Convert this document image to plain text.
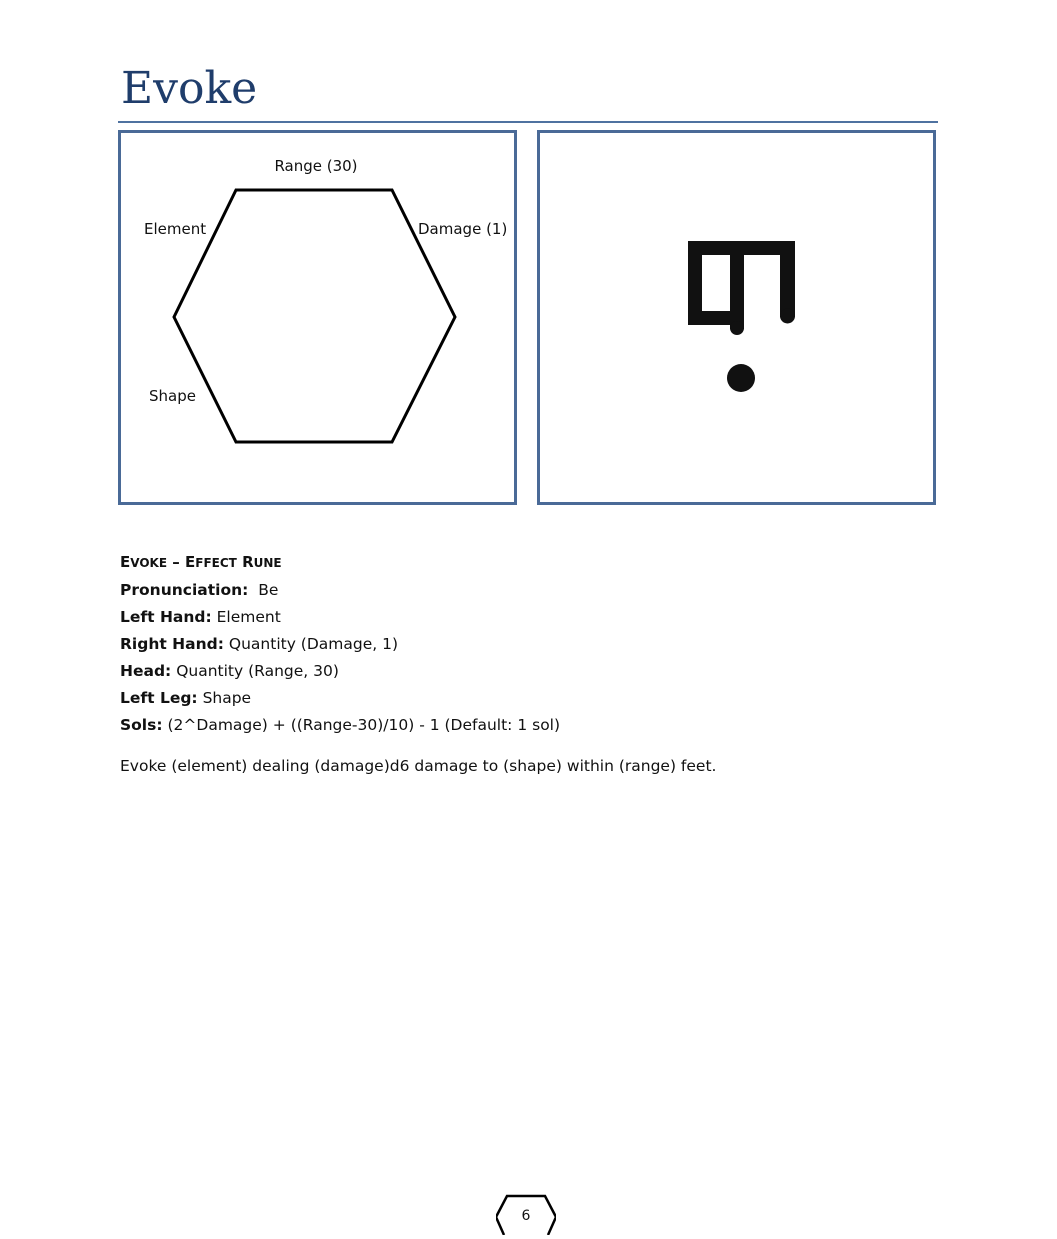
Evoke
Range (30)
Element	Damage (1)
Shape
EVOKE – EFFECT RUNE
Pronunciation: Be
Left Hand: Element
Right Hand: Quantity (Damage, 1)
Head: Quantity (Range, 30)
Left Leg: Shape
Sols: (2^Damage) + ((Range-30)/10) - 1 (Default: 1 sol)
Evoke (element) dealing (damage)d6 damage to (shape) within (range) feet.
6
